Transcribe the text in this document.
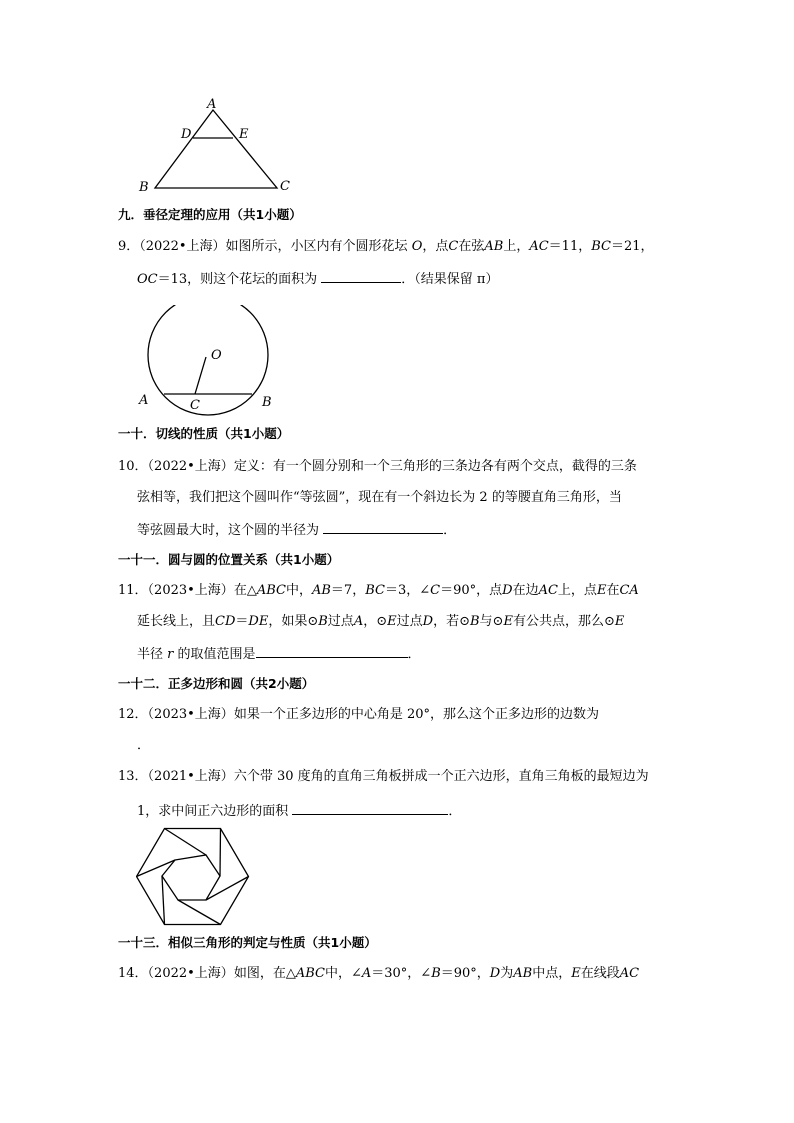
A
D	E
B	C
九．垂径定理的应用（共1小题）
9．（2022•上海）如图所示，小区内有个圆形花坛 O，点C在弦AB上，AC＝11，BC＝21，
OC＝13，则这个花坛的面积为	．（结果保留 π）
O
A	B
C
一十．切线的性质（共1小题）
10．（2022•上海）定义：有一个圆分别和一个三角形的三条边各有两个交点，截得的三条
弦相等，我们把这个圆叫作“等弦圆”，现在有一个斜边长为 2 的等腰直角三角形，当
等弦圆最大时，这个圆的半径为	．
一十一．圆与圆的位置关系（共1小题）
11．（2023•上海）在△ABC中，AB＝7，BC＝3，∠C＝90°，点D在边AC上，点E在CA
延长线上，且CD＝DE，如果⊙B过点A，⊙E过点D，若⊙B与⊙E有公共点，那么⊙E
半径 r 的取值范围是	．
一十二．正多边形和圆（共2小题）
12．（2023•上海）如果一个正多边形的中心角是 20°，那么这个正多边形的边数为
．
13．（2021•上海）六个带 30 度角的直角三角板拼成一个正六边形，直角三角板的最短边为
1，求中间正六边形的面积	．
一十三．相似三角形的判定与性质（共1小题）
14．（2022•上海）如图，在△ABC中，∠A＝30°，∠B＝90°，D为AB中点，E在线段AC
